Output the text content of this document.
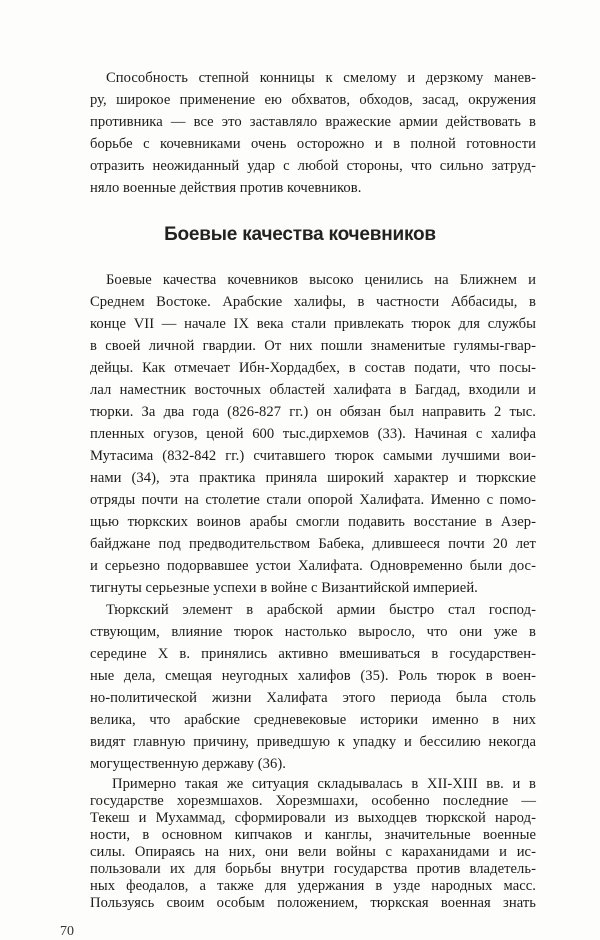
Способность степной конницы к смелому и дерзкому манев-
ру, широкое применение ею обхватов, обходов, засад, окружения
противника — все это заставляло вражеские армии действовать в
борьбе с кочевниками очень осторожно и в полной готовности
отразить неожиданный удар с любой стороны, что сильно затруд-
няло военные действия против кочевников.
Боевые качества кочевников
Боевые качества кочевников высоко ценились на Ближнем и
Среднем Востоке. Арабские халифы, в частности Аббасиды, в
конце VII — начале IX века стали привлекать тюрок для службы
в своей личной гвардии. От них пошли знаменитые гулямы-гвар-
дейцы. Как отмечает Ибн-Хордадбех, в состав подати, что посы-
лал наместник восточных областей халифата в Багдад, входили и
тюрки. За два года (826-827 гг.) он обязан был направить 2 тыс.
пленных огузов, ценой 600 тыс.дирхемов (33). Начиная с халифа
Мутасима (832-842 гг.) считавшего тюрок самыми лучшими вои-
нами (34), эта практика приняла широкий характер и тюркские
отряды почти на столетие стали опорой Халифата. Именно с помо-
щью тюркских воинов арабы смогли подавить восстание в Азер-
байджане под предводительством Бабека, длившееся почти 20 лет
и серьезно подорвавшее устои Халифата. Одновременно были дос-
тигнуты серьезные успехи в войне с Византийской империей.
Тюркский элемент в арабской армии быстро стал господ-
ствующим, влияние тюрок настолько выросло, что они уже в
середине X в. принялись активно вмешиваться в государствен-
ные дела, смещая неугодных халифов (35). Роль тюрок в воен-
но-политической жизни Халифата этого периода была столь
велика, что арабские средневековые историки именно в них
видят главную причину, приведшую к упадку и бессилию некогда
могущественную державу (36).
Примерно такая же ситуация складывалась в XII-XIII вв. и в
государстве хорезмшахов. Хорезмшахи, особенно последние —
Текеш и Мухаммад, сформировали из выходцев тюркской народ-
ности, в основном кипчаков и канглы, значительные военные
силы. Опираясь на них, они вели войны с караханидами и ис-
пользовали их для борьбы внутри государства против владетель-
ных феодалов, а также для удержания в узде народных масс.
Пользуясь своим особым положением, тюркская военная знать
70
